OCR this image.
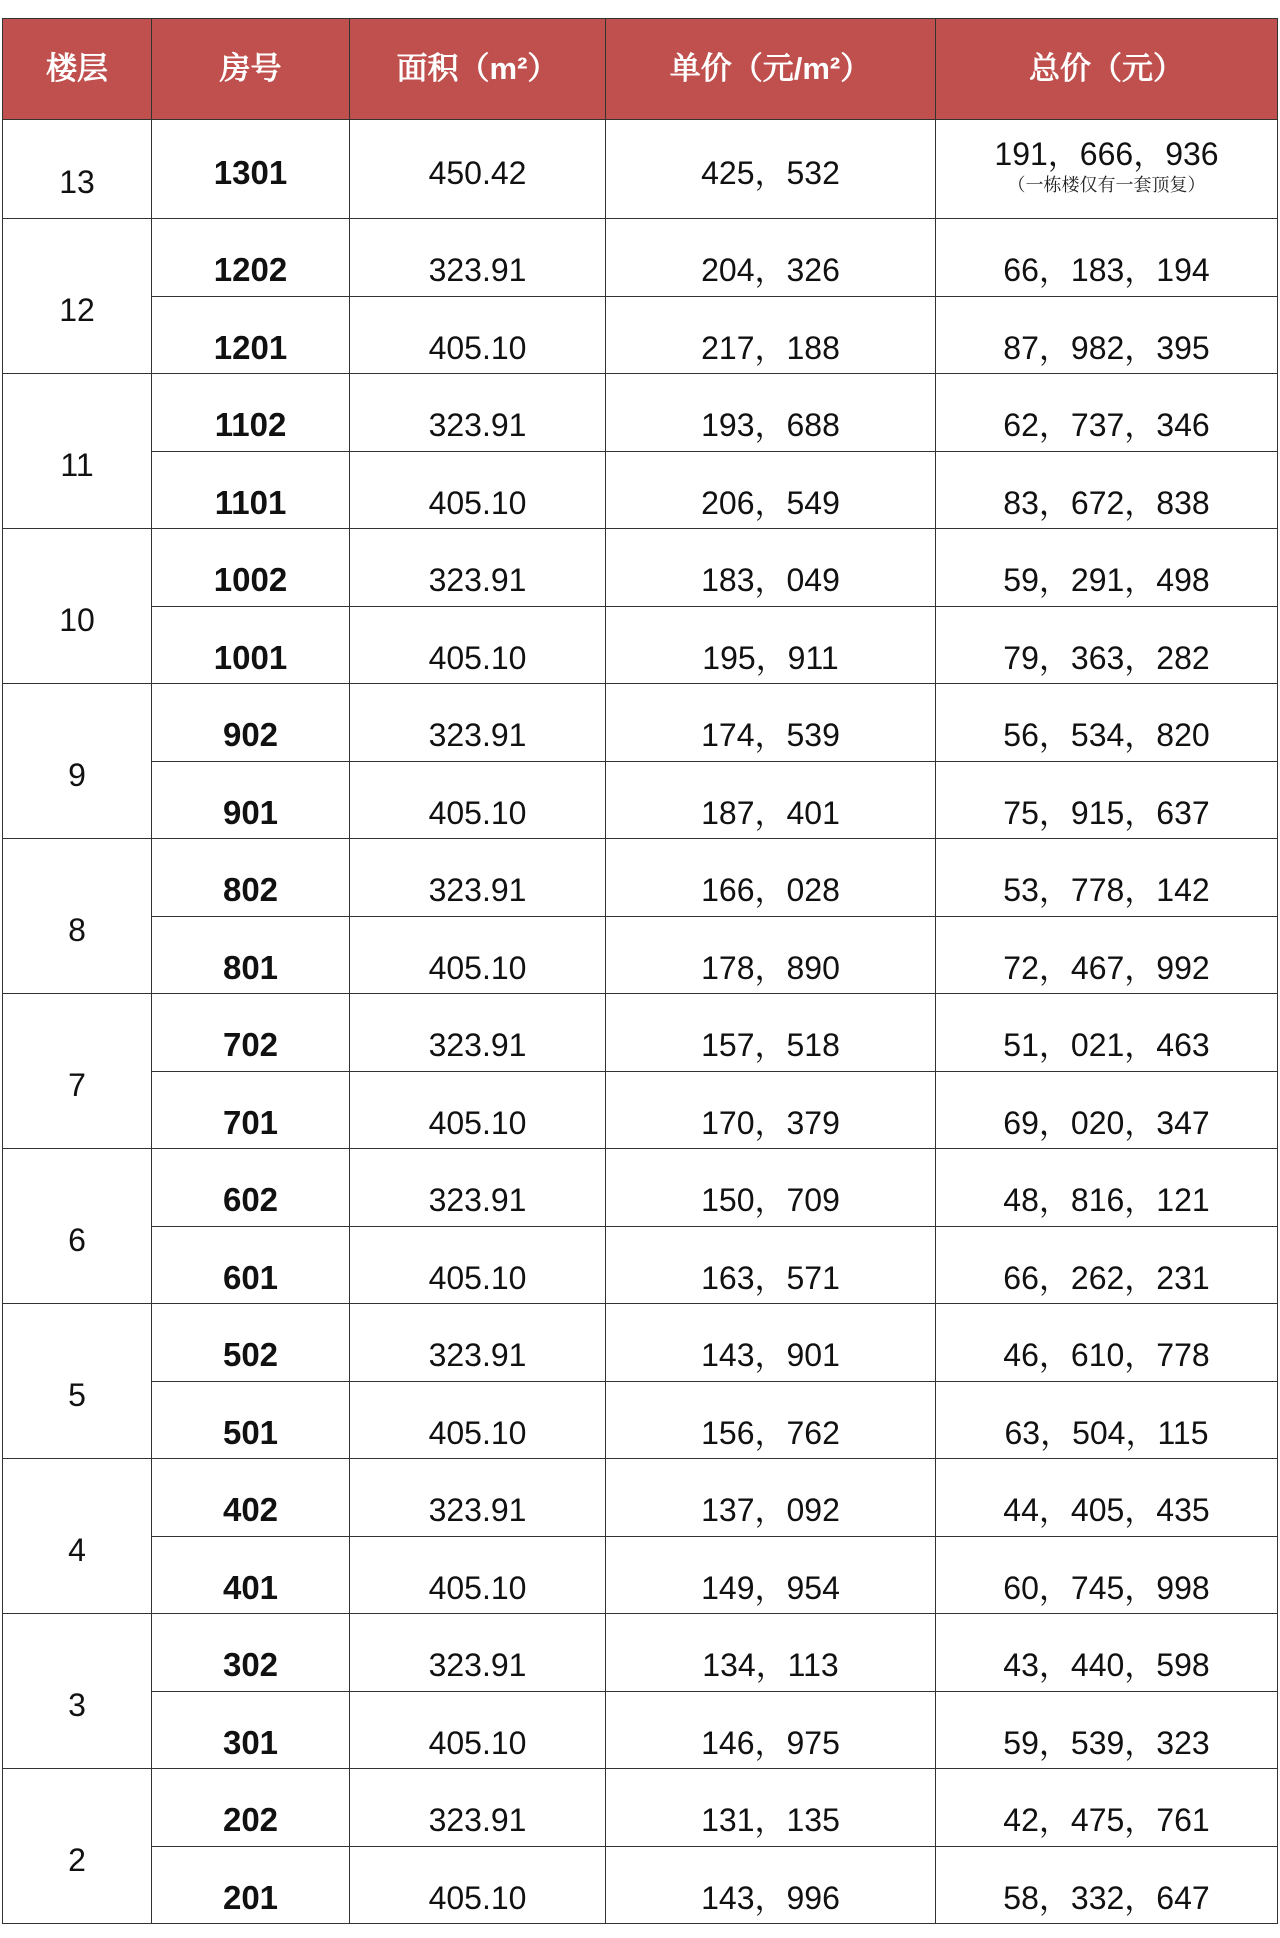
楼层	房号	面积（m²）	单价（元/m²）	总价（元）
13	1301	450.42	425，532	191，666，936
（一栋楼仅有一套顶复）

12	1202	323.91	204，326	66，183，194
	1201	405.10	217，188	87，982，395
11	1102	323.91	193，688	62，737，346
	1101	405.10	206，549	83，672，838
10	1002	323.91	183，049	59，291，498
	1001	405.10	195，911	79，363，282
9	902	323.91	174，539	56，534，820
	901	405.10	187，401	75，915，637
8	802	323.91	166，028	53，778，142
	801	405.10	178，890	72，467，992
7	702	323.91	157，518	51，021，463
	701	405.10	170，379	69，020，347
6	602	323.91	150，709	48，816，121
	601	405.10	163，571	66，262，231
5	502	323.91	143，901	46，610，778
	501	405.10	156，762	63，504，115
4	402	323.91	137，092	44，405，435
	401	405.10	149，954	60，745，998
3	302	323.91	134，113	43，440，598
	301	405.10	146，975	59，539，323
2	202	323.91	131，135	42，475，761
	201	405.10	143，996	58，332，647
